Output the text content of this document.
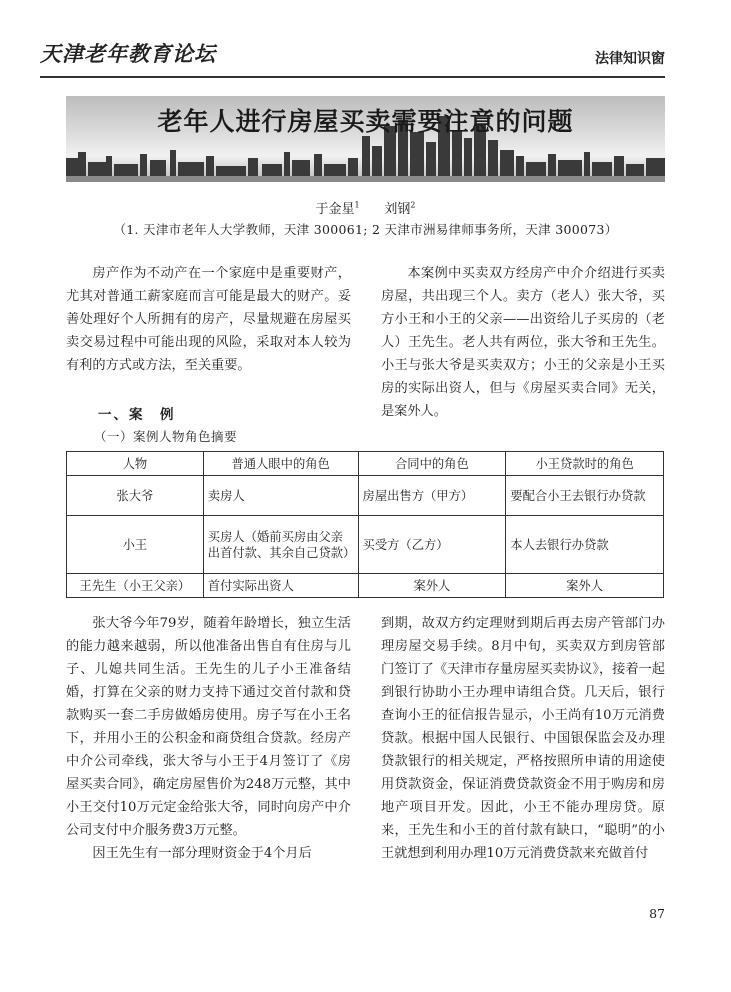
天津老年教育论坛	法律知识窗
老年人进行房屋买卖需要注意的问题
于金星$^1$ 刘钢$^2$
（1. 天津市老年人大学教师，天津 300061; 2 天津市洲易律师事务所，天津 300073）

房产作为不动产在一个家庭中是重要财产，尤其对普通工薪家庭而言可能是最大的财产。妥善处理好个人所拥有的房产，尽量规避在房屋买卖交易过程中可能出现的风险，采取对本人较为有利的方式或方法，至关重要。

本案例中买卖双方经房产中介介绍进行买卖房屋，共出现三个人。卖方（老人）张大爷，买方小王和小王的父亲——出资给儿子买房的（老人）王先生。老人共有两位，张大爷和王先生。小王与张大爷是买卖双方；小王的父亲是小王买房的实际出资人，但与《房屋买卖合同》无关，是案外人。

一、案　例
（一）案例人物角色摘要
人物	普通人眼中的角色	合同中的角色	小王贷款时的角色
张大爷	卖房人	房屋出售方（甲方）	要配合小王去银行办贷款
小王	买房人（婚前买房由父亲出首付款、其余自己贷款）	买受方（乙方）	本人去银行办贷款
王先生（小王父亲）	首付实际出资人	案外人	案外人

张大爷今年79岁，随着年龄增长，独立生活的能力越来越弱，所以他准备出售自有住房与儿子、儿媳共同生活。王先生的儿子小王准备结婚，打算在父亲的财力支持下通过交首付款和贷款购买一套二手房做婚房使用。房子写在小王名下，并用小王的公积金和商贷组合贷款。经房产中介公司牵线，张大爷与小王于4月签订了《房屋买卖合同》，确定房屋售价为248万元整，其中小王交付10万元定金给张大爷，同时向房产中介公司支付中介服务费3万元整。

因王先生有一部分理财资金于4个月后

到期，故双方约定理财到期后再去房产管部门办理房屋交易手续。8月中旬，买卖双方到房管部门签订了《天津市存量房屋买卖协议》，接着一起到银行协助小王办理申请组合贷。几天后，银行查询小王的征信报告显示，小王尚有10万元消费贷款。根据中国人民银行、中国银保监会及办理贷款银行的相关规定，严格按照所申请的用途使用贷款资金，保证消费贷款资金不用于购房和房地产项目开发。因此，小王不能办理房贷。原来，王先生和小王的首付款有缺口，“聪明”的小王就想到利用办理10万元消费贷款来充做首付

87
